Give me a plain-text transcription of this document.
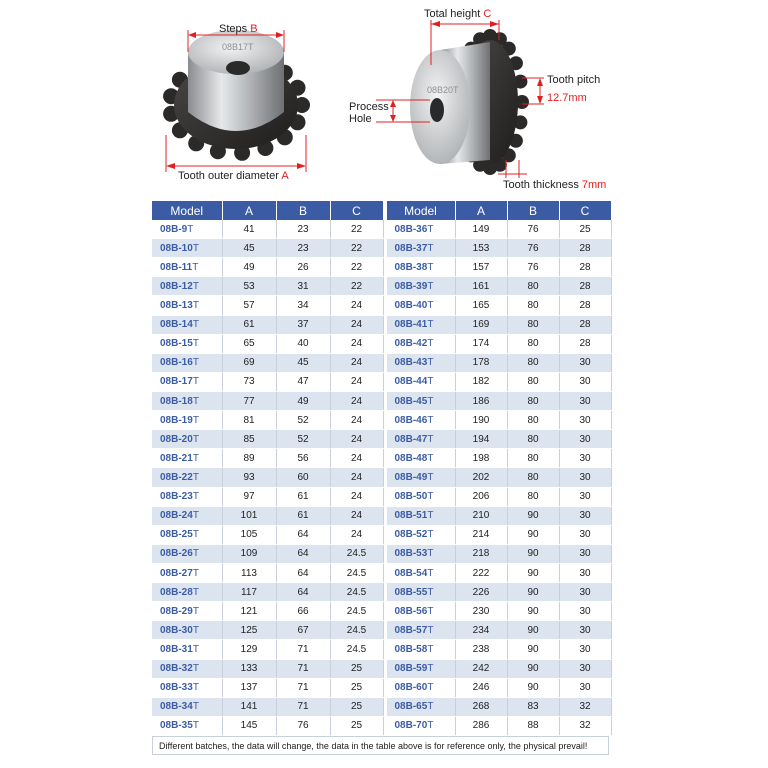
08B17T
Steps B
Tooth outer diameter A
08B20T
Total height C
Tooth pitch
12.7mm
Process
Hole
Tooth thickness 7mm
Model	A	B	C
08B-9T	41	23	22
08B-10T	45	23	22
08B-11T	49	26	22
08B-12T	53	31	22
08B-13T	57	34	24
08B-14T	61	37	24
08B-15T	65	40	24
08B-16T	69	45	24
08B-17T	73	47	24
08B-18T	77	49	24
08B-19T	81	52	24
08B-20T	85	52	24
08B-21T	89	56	24
08B-22T	93	60	24
08B-23T	97	61	24
08B-24T	101	61	24
08B-25T	105	64	24
08B-26T	109	64	24.5
08B-27T	113	64	24.5
08B-28T	117	64	24.5
08B-29T	121	66	24.5
08B-30T	125	67	24.5
08B-31T	129	71	24.5
08B-32T	133	71	25
08B-33T	137	71	25
08B-34T	141	71	25
08B-35T	145	76	25
Model	A	B	C
08B-36T	149	76	25
08B-37T	153	76	28
08B-38T	157	76	28
08B-39T	161	80	28
08B-40T	165	80	28
08B-41T	169	80	28
08B-42T	174	80	28
08B-43T	178	80	30
08B-44T	182	80	30
08B-45T	186	80	30
08B-46T	190	80	30
08B-47T	194	80	30
08B-48T	198	80	30
08B-49T	202	80	30
08B-50T	206	80	30
08B-51T	210	90	30
08B-52T	214	90	30
08B-53T	218	90	30
08B-54T	222	90	30
08B-55T	226	90	30
08B-56T	230	90	30
08B-57T	234	90	30
08B-58T	238	90	30
08B-59T	242	90	30
08B-60T	246	90	30
08B-65T	268	83	32
08B-70T	286	88	32
Different batches, the data will change, the data in the table above is for reference only, the physical prevail!
